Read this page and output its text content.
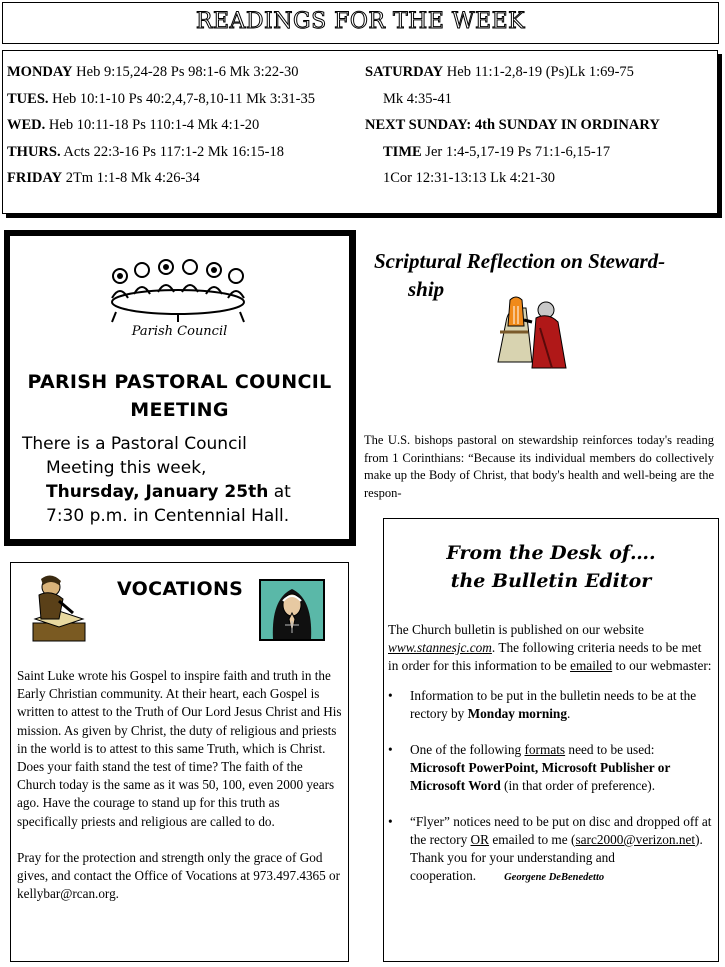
READINGS FOR THE WEEK
MONDAY Heb 9:15,24-28 Ps 98:1-6 Mk 3:22-30
TUES. Heb 10:1-10 Ps 40:2,4,7-8,10-11 Mk 3:31-35
WED. Heb 10:11-18 Ps 110:1-4 Mk 4:1-20
THURS. Acts 22:3-16 Ps 117:1-2 Mk 16:15-18
FRIDAY 2Tm 1:1-8 Mk 4:26-34
SATURDAY Heb 11:1-2,8-19 (Ps)Lk 1:69-75
Mk 4:35-41
NEXT SUNDAY: 4th SUNDAY IN ORDINARY
TIME Jer 1:4-5,17-19 Ps 71:1-6,15-17
1Cor 12:31-13:13 Lk 4:21-30
Parish Council
PARISH PASTORAL COUNCIL
MEETING
There is a Pastoral Council
Meeting this week,
Thursday, January 25th at
7:30 p.m. in Centennial Hall.
Scriptural Reflection on Steward-
ship
The U.S. bishops pastoral on stewardship reinforces today's reading from 1 Corinthians: “Because its individual members do collectively make up the Body of Christ, that body's health and well-being are the respon-
VOCATIONS

Saint Luke wrote his Gospel to inspire faith and truth in the Early Christian community. At their heart, each Gospel is written to attest to the Truth of Our Lord Jesus Christ and His mission. As given by Christ, the duty of religious and priests in the world is to attest to this same Truth, which is Christ. Does your faith stand the test of time? The faith of the Church today is the same as it was 50, 100, even 2000 years ago. Have the courage to stand up for this truth as specifically priests and religious are called to do.

Pray for the protection and strength only the grace of God gives, and contact the Office of Vocations at 973.497.4365 or kellybar@rcan.org.

From the Desk of….
the Bulletin Editor

The Church bulletin is published on our website www.stannesjc.com. The following criteria needs to be met in order for this information to be emailed to our webmaster:

• Information to be put in the bulletin needs to be at the rectory by Monday morning.
• One of the following formats need to be used: Microsoft PowerPoint, Microsoft Publisher or Microsoft Word (in that order of preference).
• “Flyer” notices need to be put on disc and dropped off at the rectory OR emailed to me (sarc2000@verizon.net).
Thank you for your understanding and cooperation.	Georgene DeBenedetto
